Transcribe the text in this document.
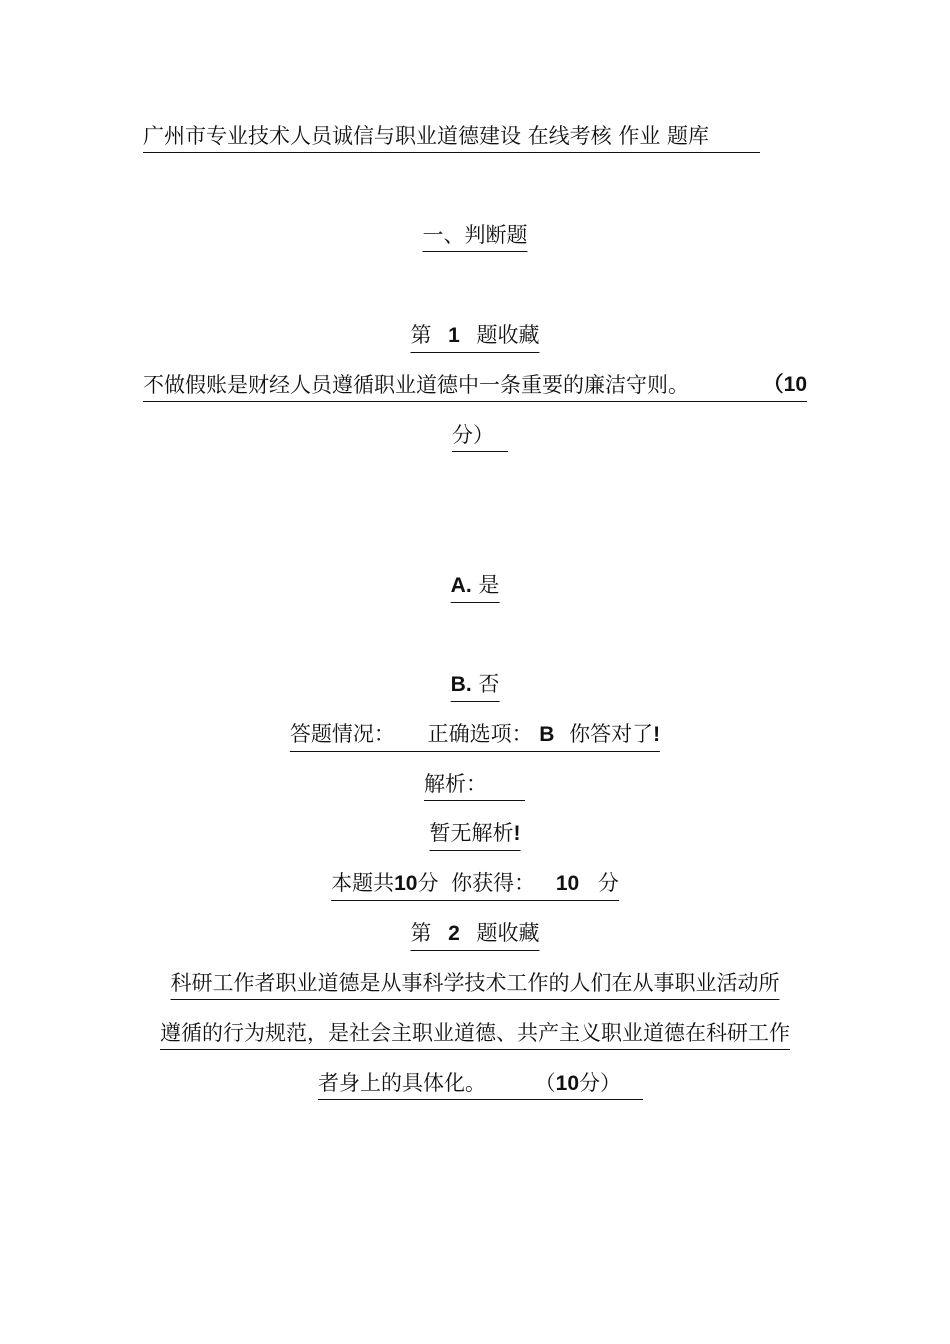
广州市专业技术人员诚信与职业道德建设 在线考核 作业 题库
一、判断题
第 1 题收藏
不做假账是财经人员遵循职业道德中一条重要的廉洁守则。	（10
分）
A. 是
B. 否
答题情况： 正确选项： B 你答对了!
解析：
暂无解析!
本题共10分 你获得： 10 分
第 2 题收藏
科研工作者职业道德是从事科学技术工作的人们在从事职业活动所
遵循的行为规范，是社会主职业道德、共产主义职业道德在科研工作
者身上的具体化。 （10分）
